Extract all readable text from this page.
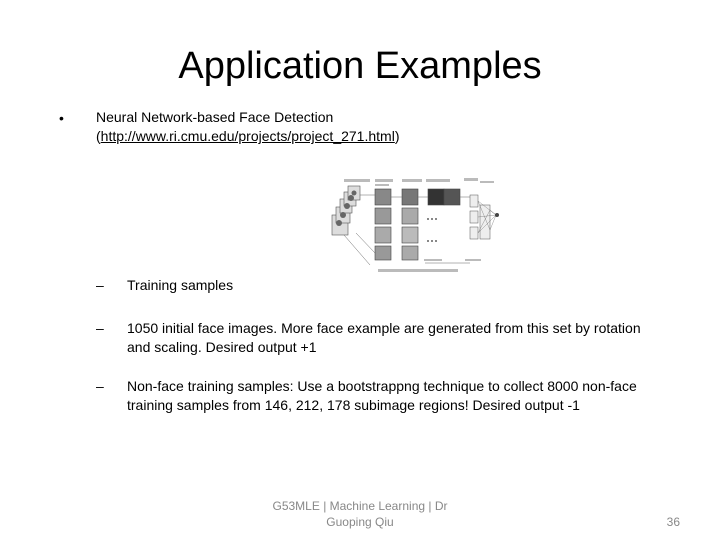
Application Examples
• Neural Network-based Face Detection
(http://www.ri.cmu.edu/projects/project_271.html)
–	Training samples
–	1050 initial face images. More face example are generated from this set by rotation and scaling. Desired output +1
–	Non-face training samples: Use a bootstrappng technique to collect 8000 non-face training samples from 146, 212, 178 subimage regions! Desired output -1
G53MLE | Machine Learning | Dr
Guoping Qiu	36
